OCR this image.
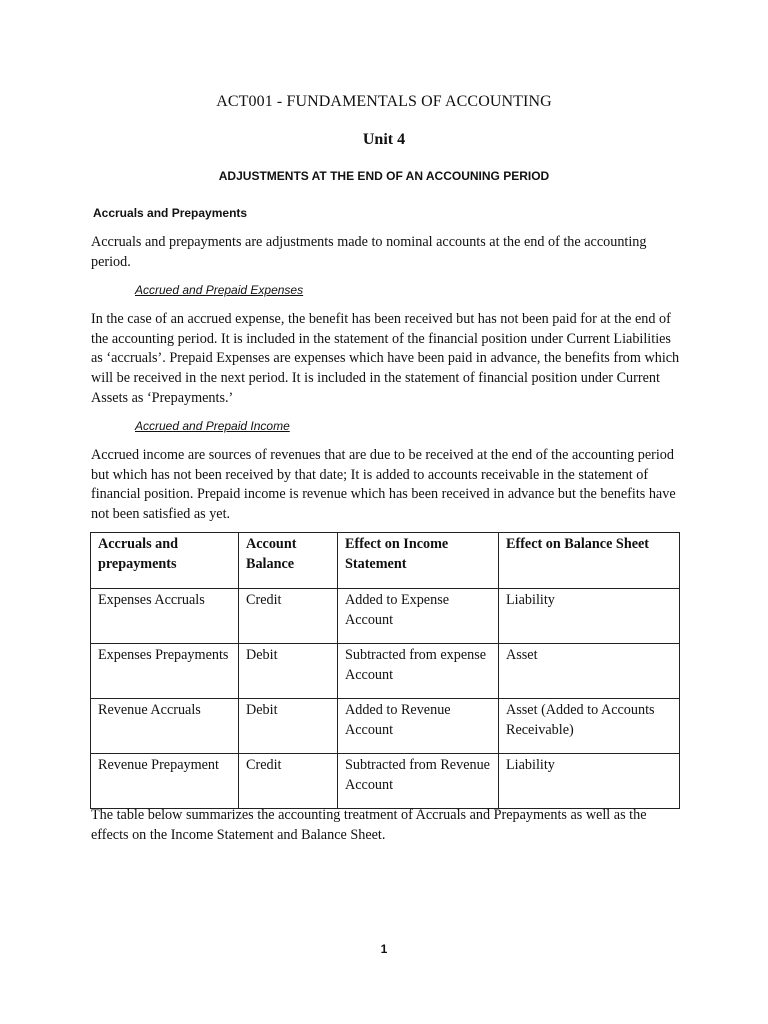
ACT001 - FUNDAMENTALS OF ACCOUNTING
Unit 4
ADJUSTMENTS AT THE END OF AN ACCOUNING PERIOD
Accruals and Prepayments
Accruals and prepayments are adjustments made to nominal accounts at the end of the accounting period.
Accrued and Prepaid Expenses
In the case of an accrued expense, the benefit has been received but has not been paid for at the end of the accounting period. It is included in the statement of the financial position under Current Liabilities as ‘accruals’. Prepaid Expenses are expenses which have been paid in advance, the benefits from which will be received in the next period. It is included in the statement of financial position under Current Assets as ‘Prepayments.’
Accrued and Prepaid Income
Accrued income are sources of revenues that are due to be received at the end of the accounting period but which has not been received by that date; It is added to accounts receivable in the statement of financial position. Prepaid income is revenue which has been received in advance but the benefits have not been satisfied as yet.
Accruals and prepayments	Account Balance	Effect on Income Statement	Effect on Balance Sheet
Expenses Accruals	Credit	Added to Expense Account	Liability
Expenses Prepayments	Debit	Subtracted from expense Account	Asset
Revenue Accruals	Debit	Added to Revenue Account	Asset (Added to Accounts Receivable)
Revenue Prepayment	Credit	Subtracted from Revenue Account	Liability
The table below summarizes the accounting treatment of Accruals and Prepayments as well as the effects on the Income Statement and Balance Sheet.
1
